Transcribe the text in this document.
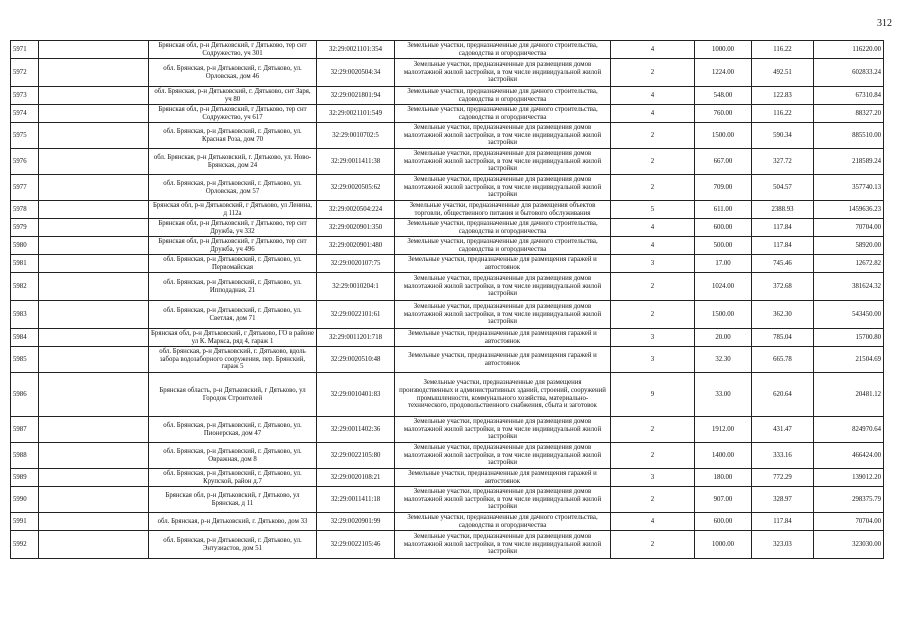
312
5971		Брянская обл, р-н Дятьковский, г Дятьково, тер снт Содружество, уч 301	32:29:0021101:354	Земельные участки, предназначенные для дачного строительства, садоводства и огородничества	4	1000.00	116.22	116220.00
5972		обл. Брянская, р-н Дятьковский, г. Дятьково, ул. Орловская, дом 46	32:29:0020504:34	Земельные участки, предназначенные для размещения домов малоэтажной жилой застройки, в том числе индивидуальной жилой застройки	2	1224.00	492.51	602833.24
5973		обл. Брянская, р-н Дятьковский, г. Дятьково, снт Заря, уч 80	32:29:0021801:94	Земельные участки, предназначенные для дачного строительства, садоводства и огородничества	4	548.00	122.83	67310.84
5974		Брянская обл, р-н Дятьковский, г Дятьково, тер снт Содружество, уч 617	32:29:0021101:549	Земельные участки, предназначенные для дачного строительства, садоводства и огородничества	4	760.00	116.22	88327.20
5975		обл. Брянская, р-н Дятьковский, г. Дятьково, ул. Красная Роза, дом 70	32:29:0010702:5	Земельные участки, предназначенные для размещения домов малоэтажной жилой застройки, в том числе индивидуальной жилой застройки	2	1500.00	590.34	885510.00
5976		обл. Брянская, р-н Дятьковский, г. Дятьково, ул. Ново-Брянская, дом 24	32:29:0011411:38	Земельные участки, предназначенные для размещения домов малоэтажной жилой застройки, в том числе индивидуальной жилой застройки	2	667.00	327.72	218589.24
5977		обл. Брянская, р-н Дятьковский, г. Дятьково, ул. Орловская, дом 57	32:29:0020505:62	Земельные участки, предназначенные для размещения домов малоэтажной жилой застройки, в том числе индивидуальной жилой застройки	2	709.00	504.57	357740.13
5978		Брянская обл, р-н Дятьковский, г Дятьково, ул Ленина, д 112а	32:29:0020504:224	Земельные участки, предназначенные для размещения объектов торговли, общественного питания и бытового обслуживания	5	611.00	2388.93	1459636.23
5979		Брянская обл, р-н Дятьковский, г Дятьково, тер снт Дружба, уч 332	32:29:0020901:350	Земельные участки, предназначенные для дачного строительства, садоводства и огородничества	4	600.00	117.84	70704.00
5980		Брянская обл, р-н Дятьковский, г Дятьково, тер снт Дружба, уч 496	32:29:0020901:480	Земельные участки, предназначенные для дачного строительства, садоводства и огородничества	4	500.00	117.84	58920.00
5981		обл. Брянская, р-н Дятьковский, г. Дятьково, ул. Первомайская	32:29:0020107:75	Земельные участки, предназначенные для размещения гаражей и автостоянок	3	17.00	745.46	12672.82
5982		обл. Брянская, р-н Дятьковский, г. Дятьково, ул. Ипподадная, 21	32:29:0010204:1	Земельные участки, предназначенные для размещения домов малоэтажной жилой застройки, в том числе индивидуальной жилой застройки	2	1024.00	372.68	381624.32
5983		обл. Брянская, р-н Дятьковский, г. Дятьково, ул. Светлая, дом 71	32:29:0022101:61	Земельные участки, предназначенные для размещения домов малоэтажной жилой застройки, в том числе индивидуальной жилой застройки	2	1500.00	362.30	543450.00
5984		Брянская обл, р-н Дятьковский, г Дятьково, ГО в районе ул К. Маркса, ряд 4, гараж 1	32:29:0011201:718	Земельные участки, предназначенные для размещения гаражей и автостоянок	3	20.00	785.04	15700.80
5985		обл. Брянская, р-н Дятьковский, г. Дятьково, вдоль забора водозаборного сооружения, пер. Брянский, гараж 5	32:29:0020510:48	Земельные участки, предназначенные для размещения гаражей и автостоянок	3	32.30	665.78	21504.69
5986		Брянская область, р-н Дятьковский, г Дятьково, ул Городок Строителей	32:29:0010401:83	Земельные участки, предназначенные для размещения производственных и административных зданий, строений, сооружений промышленности, коммунального хозяйства, материально-технического, продовольственного снабжения, сбыта и заготовок	9	33.00	620.64	20481.12
5987		обл. Брянская, р-н Дятьковский, г. Дятьково, ул. Пионерская, дом 47	32:29:0011402:36	Земельные участки, предназначенные для размещения домов малоэтажной жилой застройки, в том числе индивидуальной жилой застройки	2	1912.00	431.47	824970.64
5988		обл. Брянская, р-н Дятьковский, г. Дятьково, ул. Овражная, дом 8	32:29:0022105:80	Земельные участки, предназначенные для размещения домов малоэтажной жилой застройки, в том числе индивидуальной жилой застройки	2	1400.00	333.16	466424.00
5989		обл. Брянская, р-н Дятьковский, г. Дятьково, ул. Крупской, район д.7	32:29:0020108:21	Земельные участки, предназначенные для размещения гаражей и автостоянок	3	180.00	772.29	139012.20
5990		Брянская обл, р-н Дятьковский, г Дятьково, ул Брянская, д 11	32:29:0011411:18	Земельные участки, предназначенные для размещения домов малоэтажной жилой застройки, в том числе индивидуальной жилой застройки	2	907.00	328.97	298375.79
5991		обл. Брянская, р-н Дятьковский, г. Дятьково, дом 33	32:29:0020901:99	Земельные участки, предназначенные для дачного строительства, садоводства и огородничества	4	600.00	117.84	70704.00
5992		обл. Брянская, р-н Дятьковский, г. Дятьково, ул. Энтузиастов, дом 51	32:29:0022105:46	Земельные участки, предназначенные для размещения домов малоэтажной жилой застройки, в том числе индивидуальной жилой застройки	2	1000.00	323.03	323030.00
